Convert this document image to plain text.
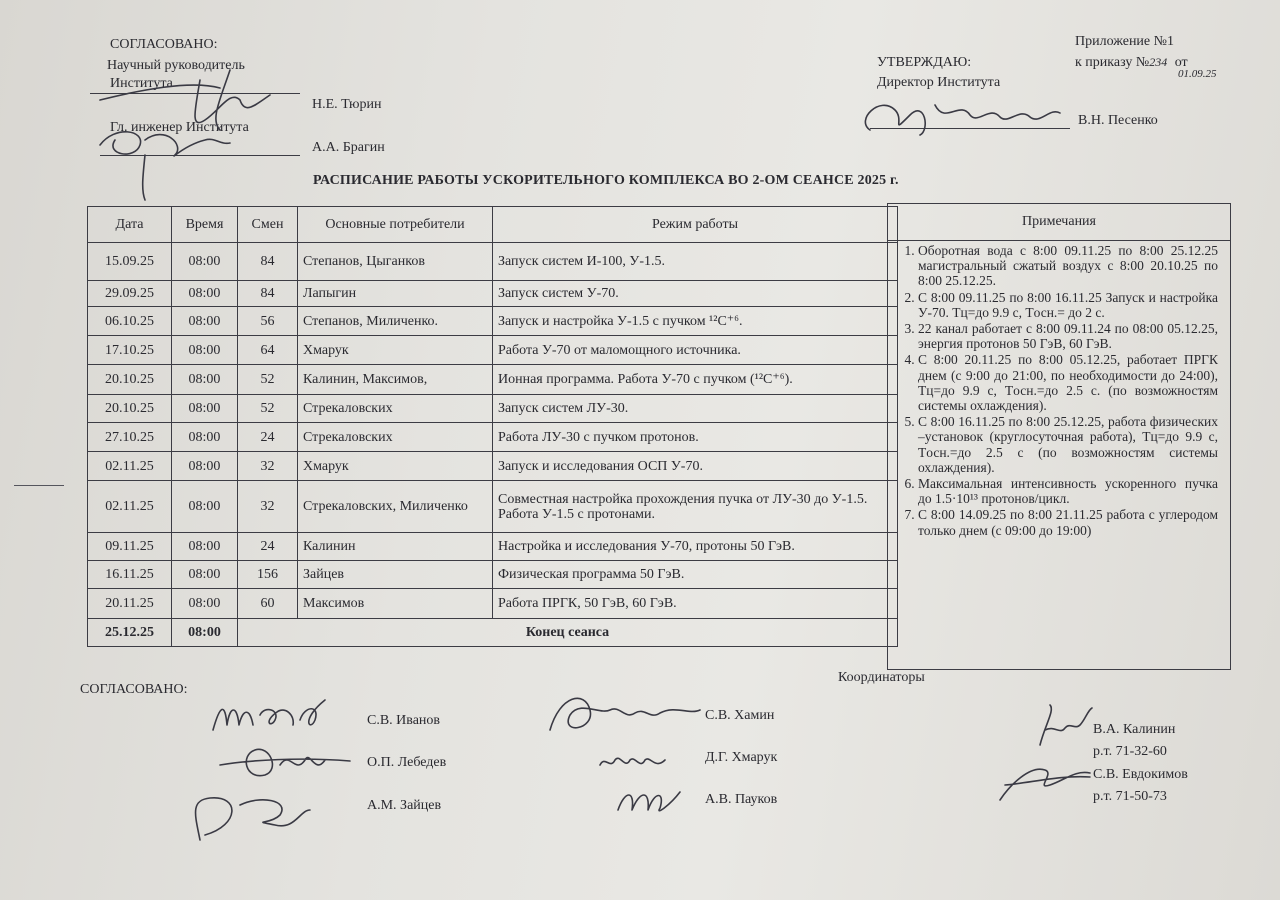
СОГЛАСОВАНО:
Научный руководитель
Института
Н.Е. Тюрин
Гл. инженер Института
А.А. Брагин
УТВЕРЖДАЮ:
Директор Института
В.Н. Песенко
Приложение №1
к приказу №234 от
01.09.25
РАСПИСАНИЕ РАБОТЫ УСКОРИТЕЛЬНОГО КОМПЛЕКСА ВО 2-ОМ СЕАНСЕ 2025 г.
Дата	Время	Смен	Основные потребители	Режим работы
15.09.25	08:00	84	Степанов, Цыганков	Запуск систем И-100, У-1.5.
29.09.25	08:00	84	Лапыгин	Запуск систем У-70.
06.10.25	08:00	56	Степанов, Миличенко.	Запуск и настройка У-1.5 с пучком ¹²C⁺⁶.
17.10.25	08:00	64	Хмарук	Работа У-70 от маломощного источника.
20.10.25	08:00	52	Калинин, Максимов,	Ионная программа. Работа У-70 с пучком (¹²C⁺⁶).
20.10.25	08:00	52	Стрекаловских	Запуск систем ЛУ-30.
27.10.25	08:00	24	Стрекаловских	Работа ЛУ-30 с пучком протонов.
02.11.25	08:00	32	Хмарук	Запуск и исследования ОСП У-70.
02.11.25	08:00	32	Стрекаловских, Миличенко	Совместная настройка прохождения пучка от ЛУ-30 до У-1.5. Работа У-1.5 с протонами.
09.11.25	08:00	24	Калинин	Настройка и исследования У-70, протоны 50 ГэВ.
16.11.25	08:00	156	Зайцев	Физическая программа 50 ГэВ.
20.11.25	08:00	60	Максимов	Работа ПРГК, 50 ГэВ, 60 ГэВ.
25.12.25	08:00	Конец сеанса		
Примечания
1. Оборотная вода с 8:00 09.11.25 по 8:00 25.12.25 магистральный сжатый воздух с 8:00 20.10.25 по 8:00 25.12.25.
2. С 8:00 09.11.25 по 8:00 16.11.25 Запуск и настройка У-70. Tц=до 9.9 с, Tосн.= до 2 с.
3. 22 канал работает с 8:00 09.11.24 по 08:00 05.12.25, энергия протонов 50 ГэВ, 60 ГэВ.
4. С 8:00 20.11.25 по 8:00 05.12.25, работает ПРГК днем (с 9:00 до 21:00, по необходимости до 24:00), Tц=до 9.9 с, Tосн.=до 2.5 с. (по возможностям системы охлаждения).
5. С 8:00 16.11.25 по 8:00 25.12.25, работа физических –установок (круглосуточная работа), Tц=до 9.9 с, Tосн.=до 2.5 с (по возможностям системы охлаждения).
6. Максимальная интенсивность ускоренного пучка до 1.5·10¹³ протонов/цикл.
7. С 8:00 14.09.25 по 8:00 21.11.25 работа с углеродом только днем (с 09:00 до 19:00)
СОГЛАСОВАНО:
Координаторы
С.В. Иванов
О.П. Лебедев
А.М. Зайцев
С.В. Хамин
Д.Г. Хмарук
А.В. Пауков
В.А. Калинин
р.т. 71-32-60
С.В. Евдокимов
р.т. 71-50-73
